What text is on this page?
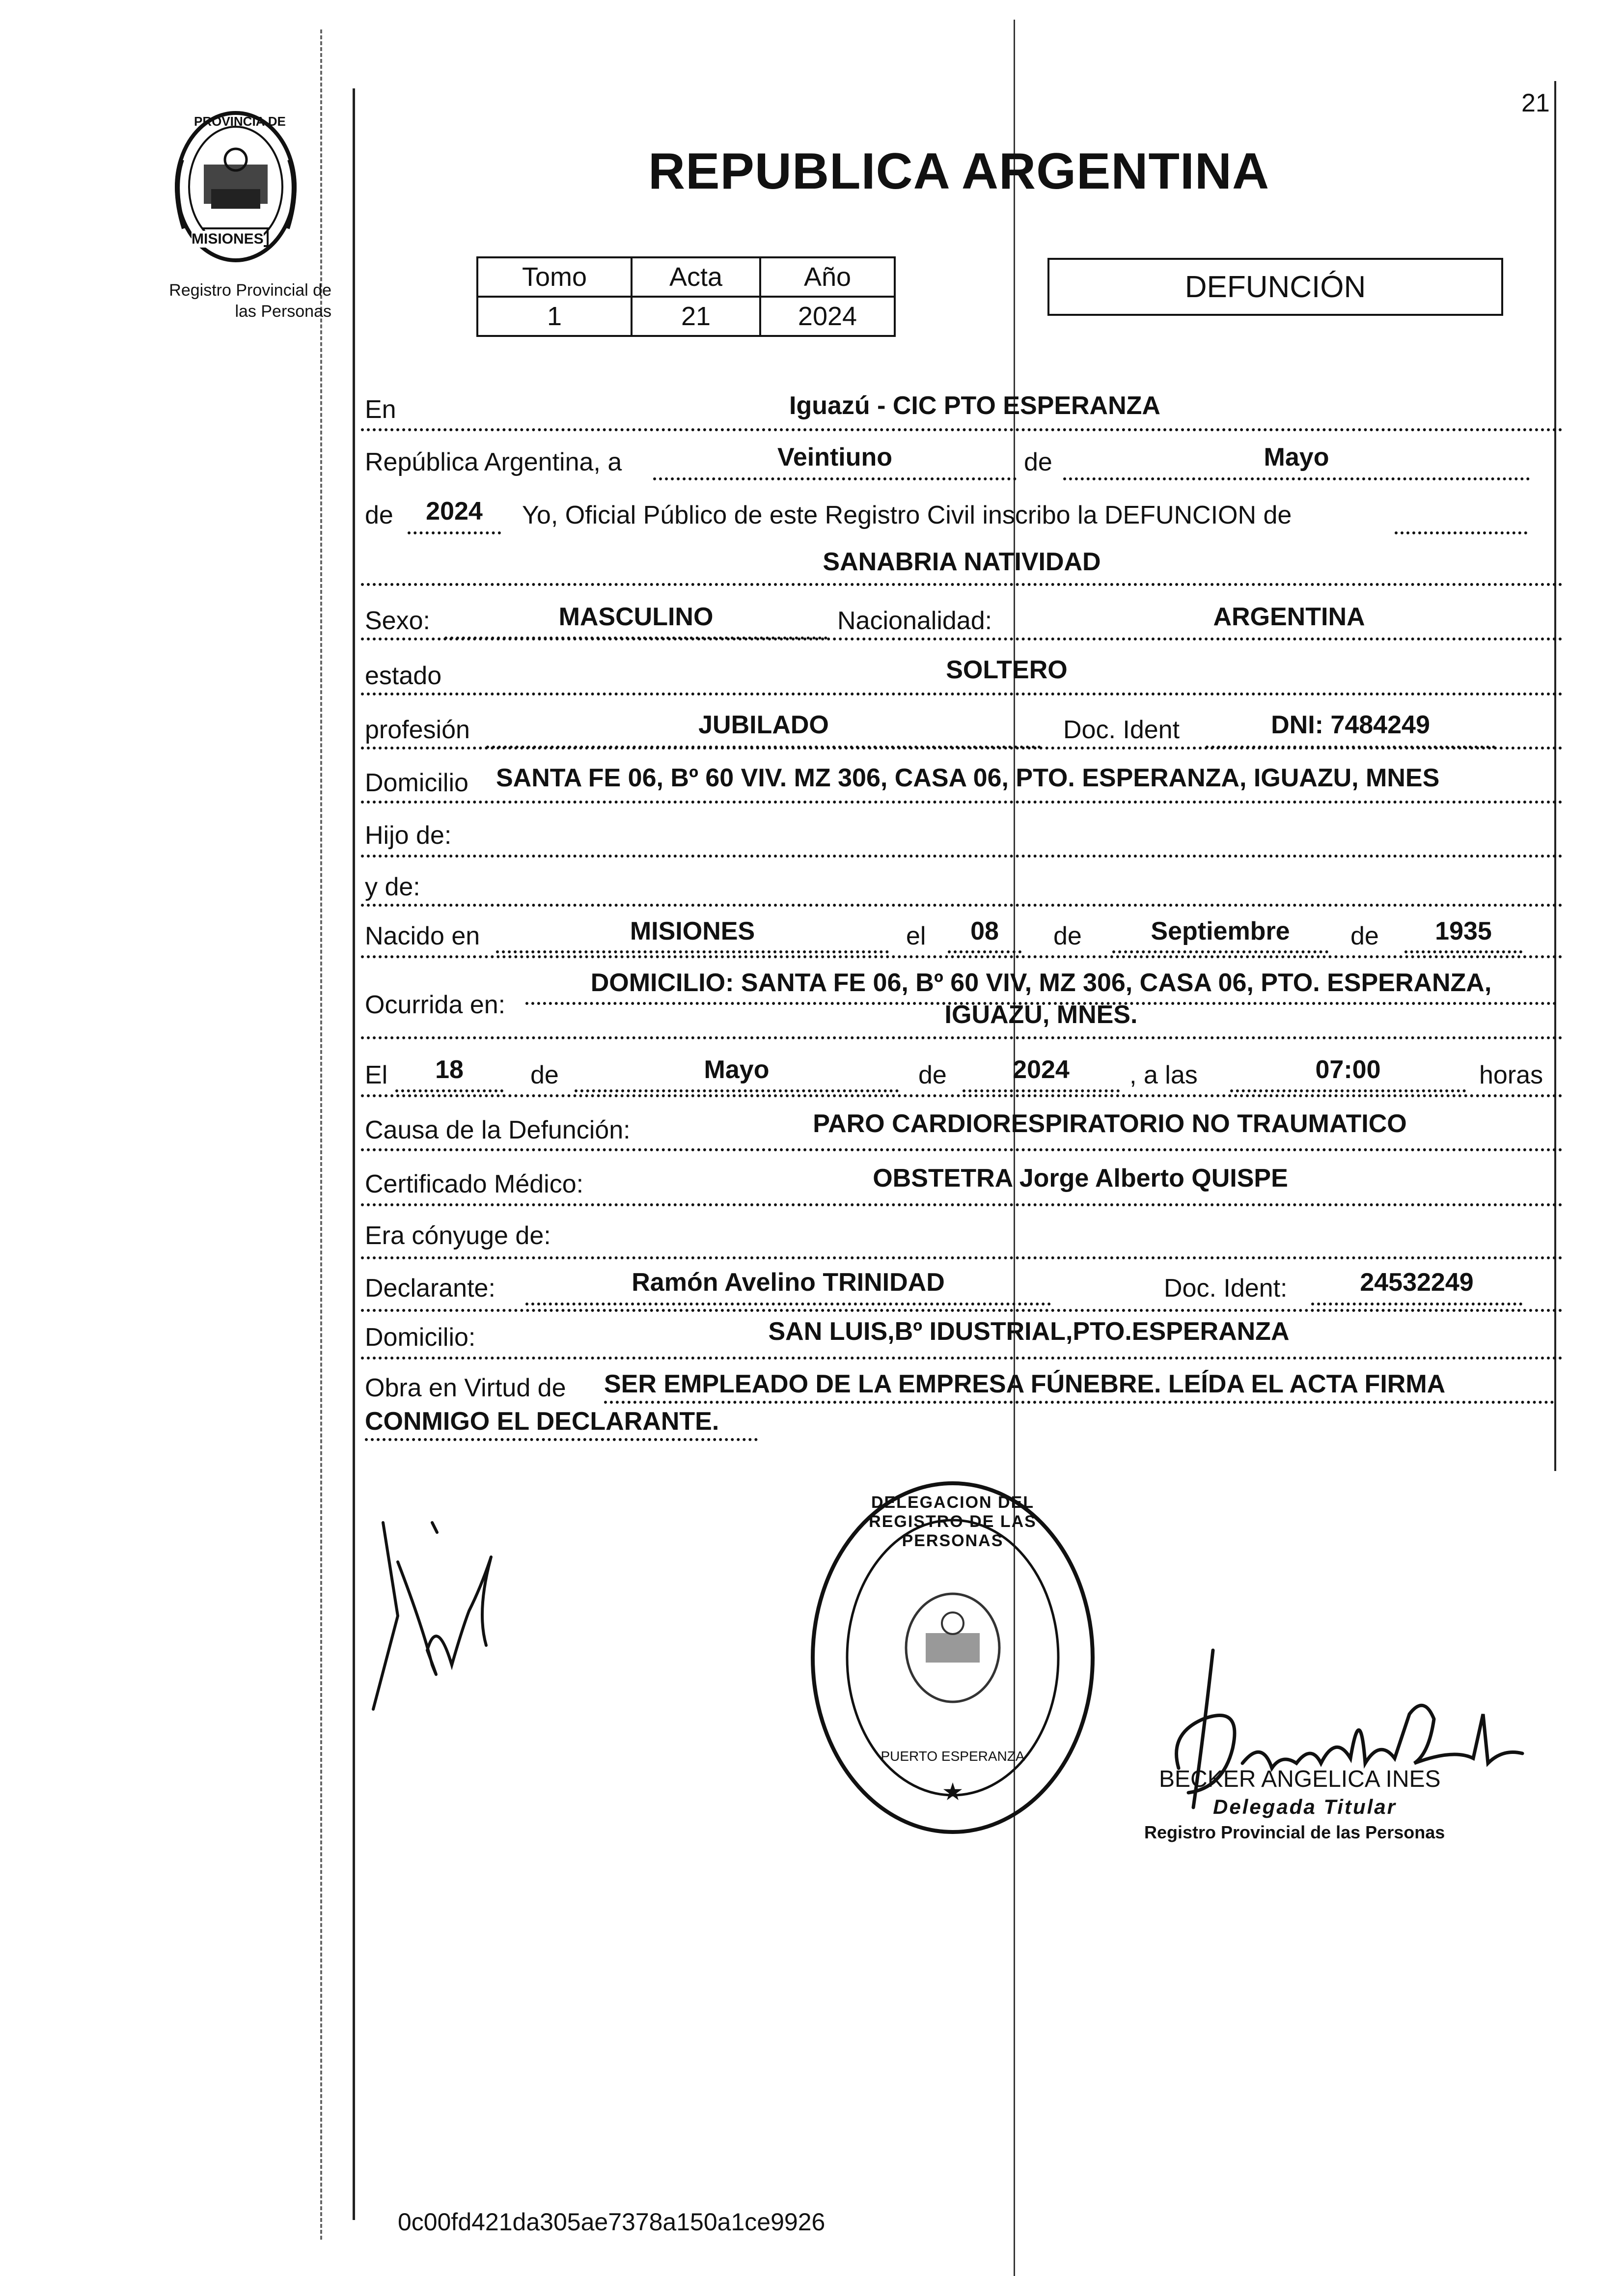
21
PROVINCIA DE
MISIONES
Registro Provincial de
las Personas
REPUBLICA ARGENTINA
Tomo	Acta	Año
1	21	2024
DEFUNCIÓN
En	Iguazú - CIC PTO ESPERANZA
República Argentina, a	Veintiuno	de	Mayo
de	2024	Yo, Oficial Público de este Registro Civil inscribo la DEFUNCION de
SANABRIA NATIVIDAD
Sexo:	MASCULINO	Nacionalidad:	ARGENTINA
estado	SOLTERO
profesión	JUBILADO	Doc. Ident	DNI: 7484249
Domicilio SANTA FE 06, Bº 60 VIV. MZ 306, CASA 06, PTO. ESPERANZA, IGUAZU, MNES
Hijo de:
y de:
Nacido en	MISIONES	el	08	de	Septiembre	de	1935
Ocurrida en:
DOMICILIO: SANTA FE 06, Bº 60 VIV, MZ 306, CASA 06, PTO. ESPERANZA,
IGUAZU, MNES.
El	18	de	Mayo	de	2024	, a las	07:00	horas
Causa de la Defunción:	PARO CARDIORESPIRATORIO NO TRAUMATICO
Certificado Médico:	OBSTETRA Jorge Alberto QUISPE
Era cónyuge de:
Declarante:	Ramón Avelino TRINIDAD	Doc. Ident:	24532249
Domicilio:	SAN LUIS,Bº IDUSTRIAL,PTO.ESPERANZA
Obra en Virtud de SER EMPLEADO DE LA EMPRESA FÚNEBRE. LEÍDA EL ACTA FIRMA
CONMIGO EL DECLARANTE.
★
DELEGACION DEL REGISTRO DE LAS PERSONAS
PUERTO ESPERANZA
BECKER ANGELICA INES
Delegada Titular
Registro Provincial de las Personas
0c00fd421da305ae7378a150a1ce9926
